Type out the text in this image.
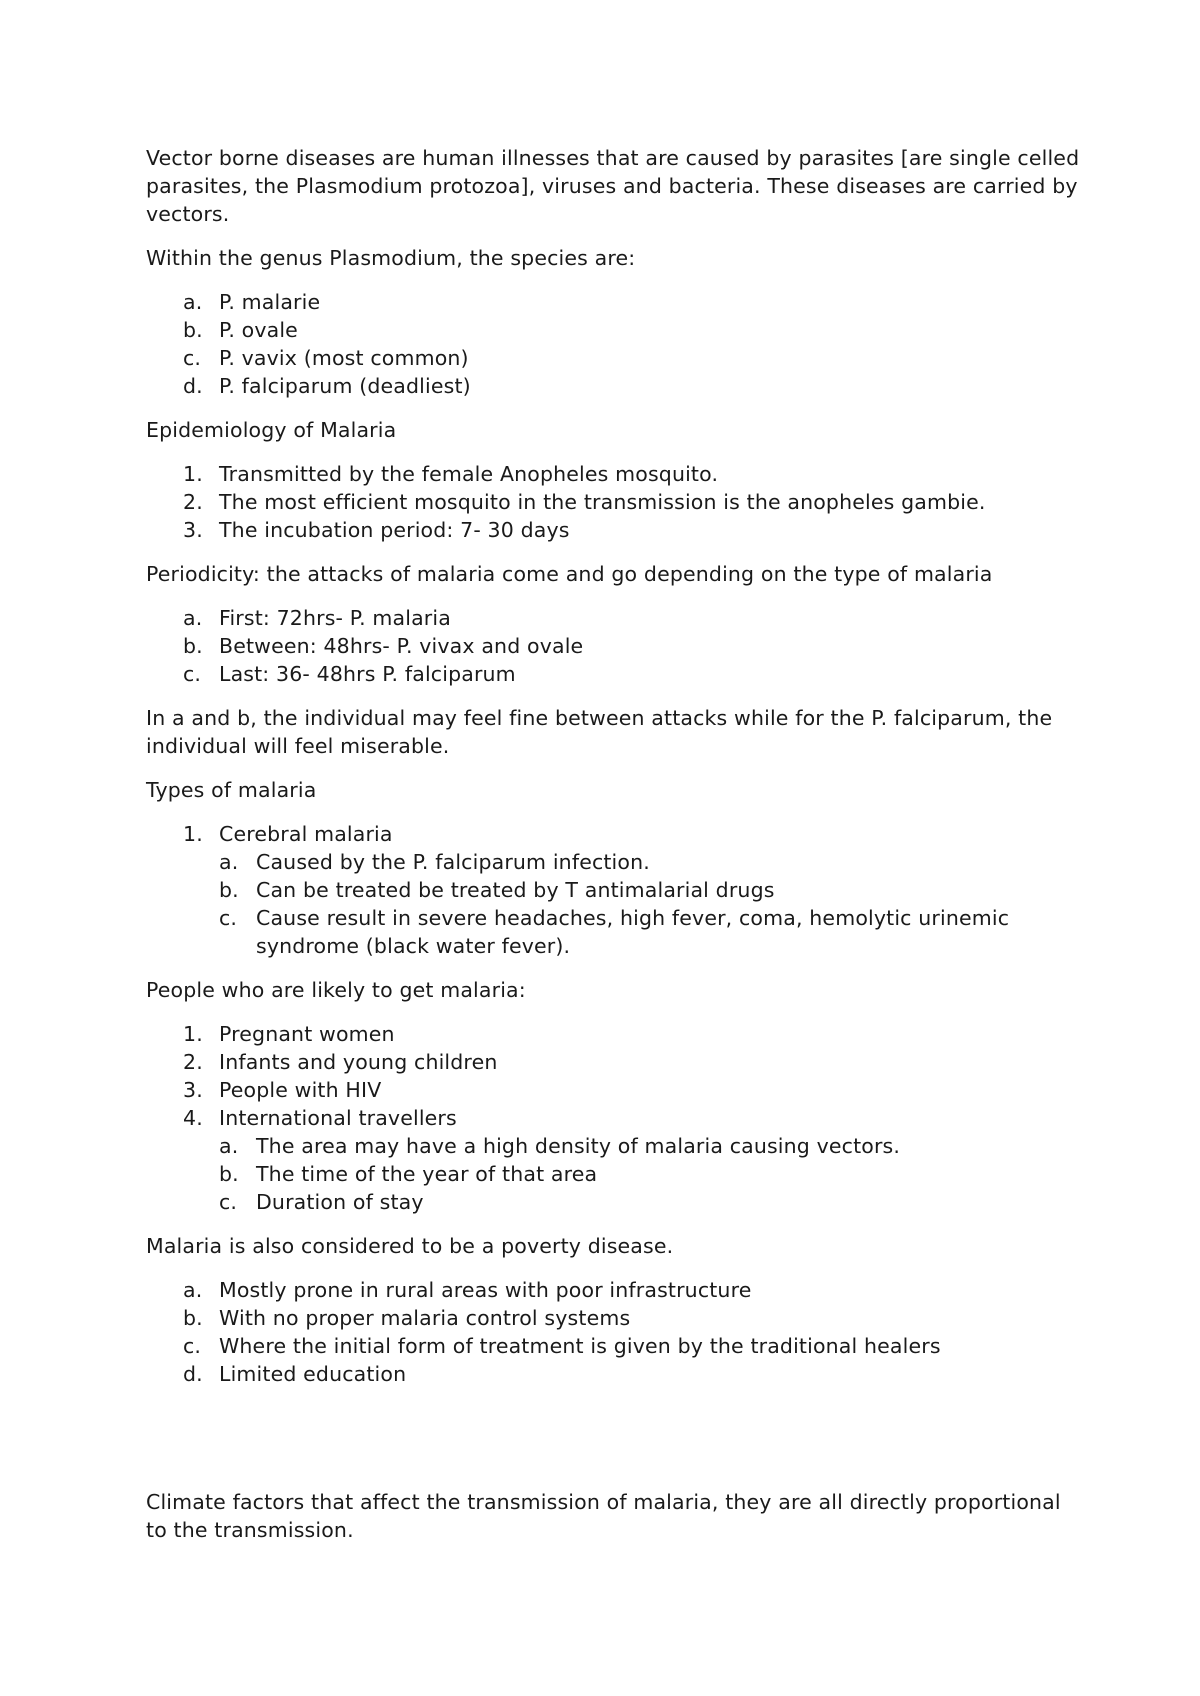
Vector borne diseases are human illnesses that are caused by parasites [are single celled parasites, the Plasmodium protozoa], viruses and bacteria. These diseases are carried by vectors.

Within the genus Plasmodium, the species are:

a. P. malarie
b. P. ovale
c. P. vavix (most common)
d. P. falciparum (deadliest)

Epidemiology of Malaria

1. Transmitted by the female Anopheles mosquito.
2. The most efficient mosquito in the transmission is the anopheles gambie.
3. The incubation period: 7- 30 days

Periodicity: the attacks of malaria come and go depending on the type of malaria

a. First: 72hrs- P. malaria
b. Between: 48hrs- P. vivax and ovale
c. Last: 36- 48hrs P. falciparum

In a and b, the individual may feel fine between attacks while for the P. falciparum, the individual will feel miserable.

Types of malaria

1. Cerebral malaria
a. Caused by the P. falciparum infection.
b. Can be treated be treated by T antimalarial drugs
c. Cause result in severe headaches, high fever, coma, hemolytic urinemic syndrome (black water fever).

People who are likely to get malaria:

1. Pregnant women
2. Infants and young children
3. People with HIV
4. International travellers
a. The area may have a high density of malaria causing vectors.
b. The time of the year of that area
c. Duration of stay

Malaria is also considered to be a poverty disease.

a. Mostly prone in rural areas with poor infrastructure
b. With no proper malaria control systems
c. Where the initial form of treatment is given by the traditional healers
d. Limited education

Climate factors that affect the transmission of malaria, they are all directly proportional to the transmission.
